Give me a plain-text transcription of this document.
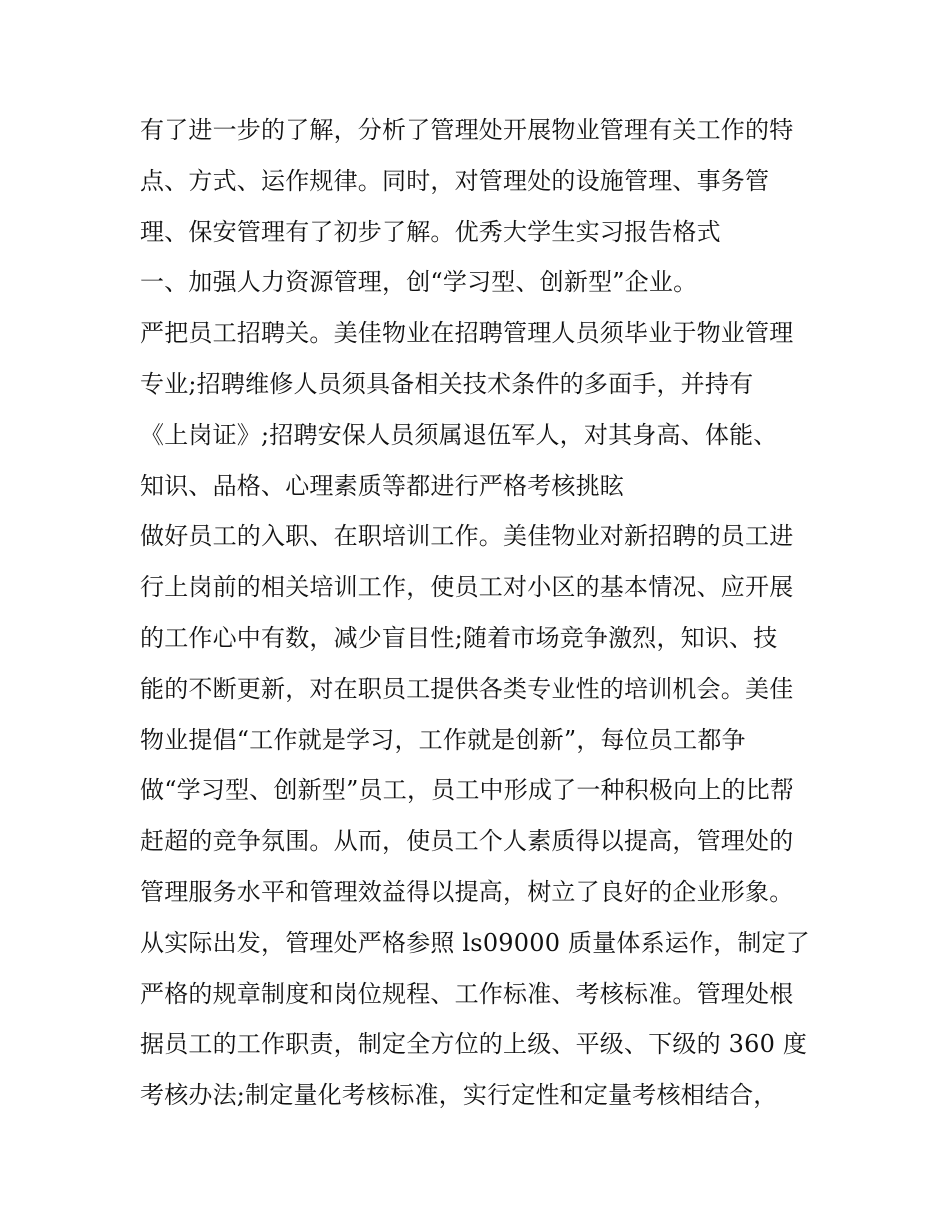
有了进一步的了解，分析了管理处开展物业管理有关工作的特
点、方式、运作规律。同时，对管理处的设施管理、事务管
理、保安管理有了初步了解。优秀大学生实习报告格式
一、加强人力资源管理，创“学习型、创新型”企业。
严把员工招聘关。美佳物业在招聘管理人员须毕业于物业管理
专业;招聘维修人员须具备相关技术条件的多面手，并持有
《上岗证》;招聘安保人员须属退伍军人，对其身高、体能、
知识、品格、心理素质等都进行严格考核挑眩
做好员工的入职、在职培训工作。美佳物业对新招聘的员工进
行上岗前的相关培训工作，使员工对小区的基本情况、应开展
的工作心中有数，减少盲目性;随着市场竞争激烈，知识、技
能的不断更新，对在职员工提供各类专业性的培训机会。美佳
物业提倡“工作就是学习，工作就是创新”，每位员工都争
做“学习型、创新型”员工，员工中形成了一种积极向上的比帮
赶超的竞争氛围。从而，使员工个人素质得以提高，管理处的
管理服务水平和管理效益得以提高，树立了良好的企业形象。
从实际出发，管理处严格参照 ls09000 质量体系运作，制定了
严格的规章制度和岗位规程、工作标准、考核标准。管理处根
据员工的工作职责，制定全方位的上级、平级、下级的 360 度
考核办法;制定量化考核标准，实行定性和定量考核相结合，
